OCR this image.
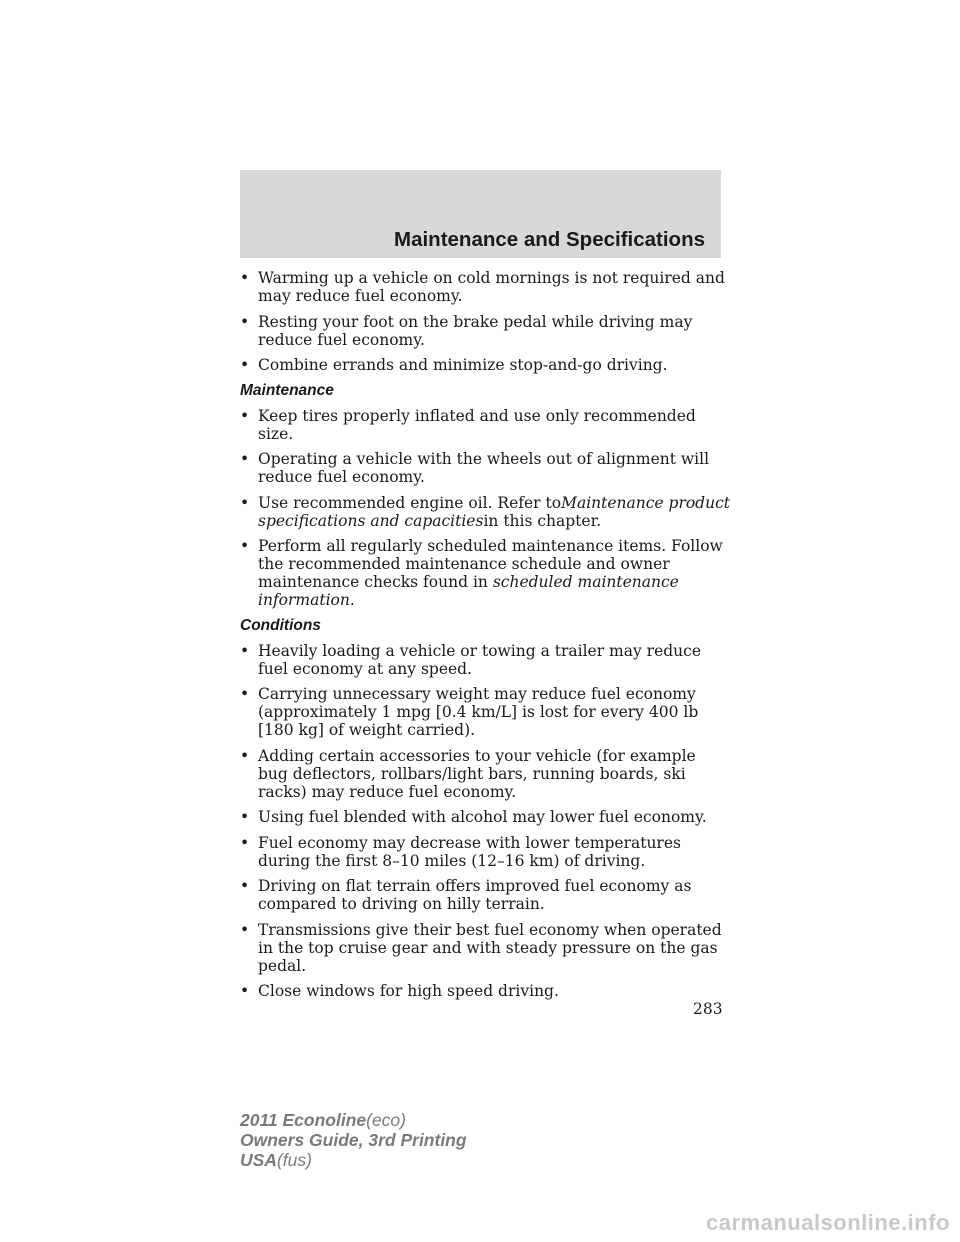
Maintenance and Specifications
• Warming up a vehicle on cold mornings is not required and may reduce fuel economy.
• Resting your foot on the brake pedal while driving may reduce fuel economy.
• Combine errands and minimize stop-and-go driving.
Maintenance
• Keep tires properly inflated and use only recommended size.
• Operating a vehicle with the wheels out of alignment will reduce fuel economy.
• Use recommended engine oil. Refer toMaintenance product specifications and capacitiesin this chapter.
• Perform all regularly scheduled maintenance items. Follow the recommended maintenance schedule and owner maintenance checks found in scheduled maintenance information.
Conditions
• Heavily loading a vehicle or towing a trailer may reduce fuel economy at any speed.
• Carrying unnecessary weight may reduce fuel economy (approximately 1 mpg [0.4 km/L] is lost for every 400 lb [180 kg] of weight carried).
• Adding certain accessories to your vehicle (for example bug deflectors, rollbars/light bars, running boards, ski racks) may reduce fuel economy.
• Using fuel blended with alcohol may lower fuel economy.
• Fuel economy may decrease with lower temperatures during the first 8–10 miles (12–16 km) of driving.
• Driving on flat terrain offers improved fuel economy as compared to driving on hilly terrain.
• Transmissions give their best fuel economy when operated in the top cruise gear and with steady pressure on the gas pedal.
• Close windows for high speed driving.
283
2011 Econoline(eco)
Owners Guide, 3rd Printing
USA(fus)
carmanualsonline.info
